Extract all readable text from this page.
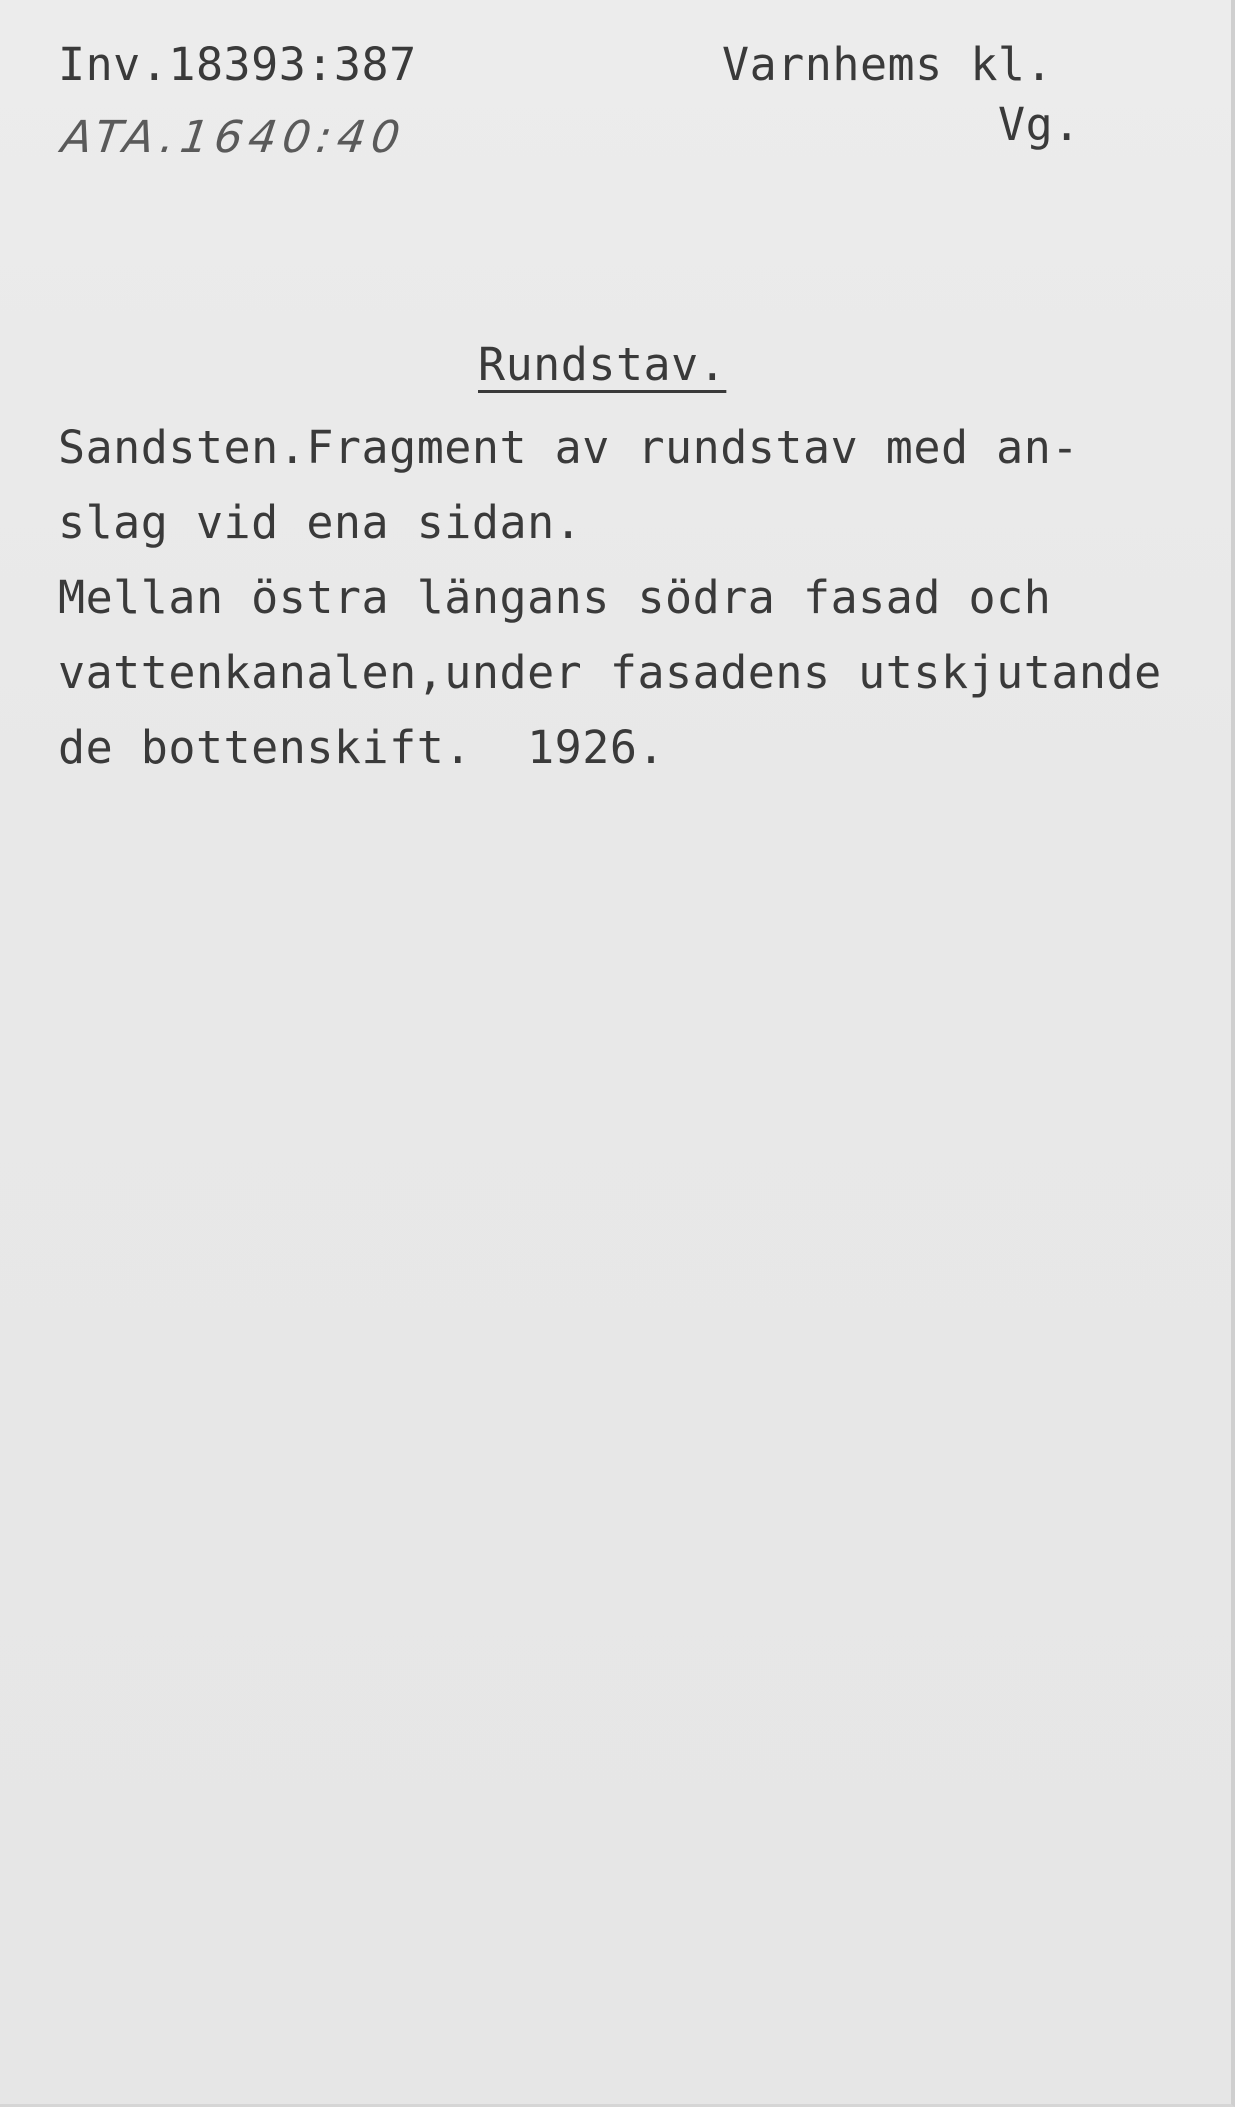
Inv.18393:387
ATA.1640:40
Varnhems kl.
Vg.
Rundstav.
Sandsten.Fragment av rundstav med an-
slag vid ena sidan.
Mellan östra längans södra fasad och
vattenkanalen,under fasadens utskjutande
de bottenskift.  1926.
